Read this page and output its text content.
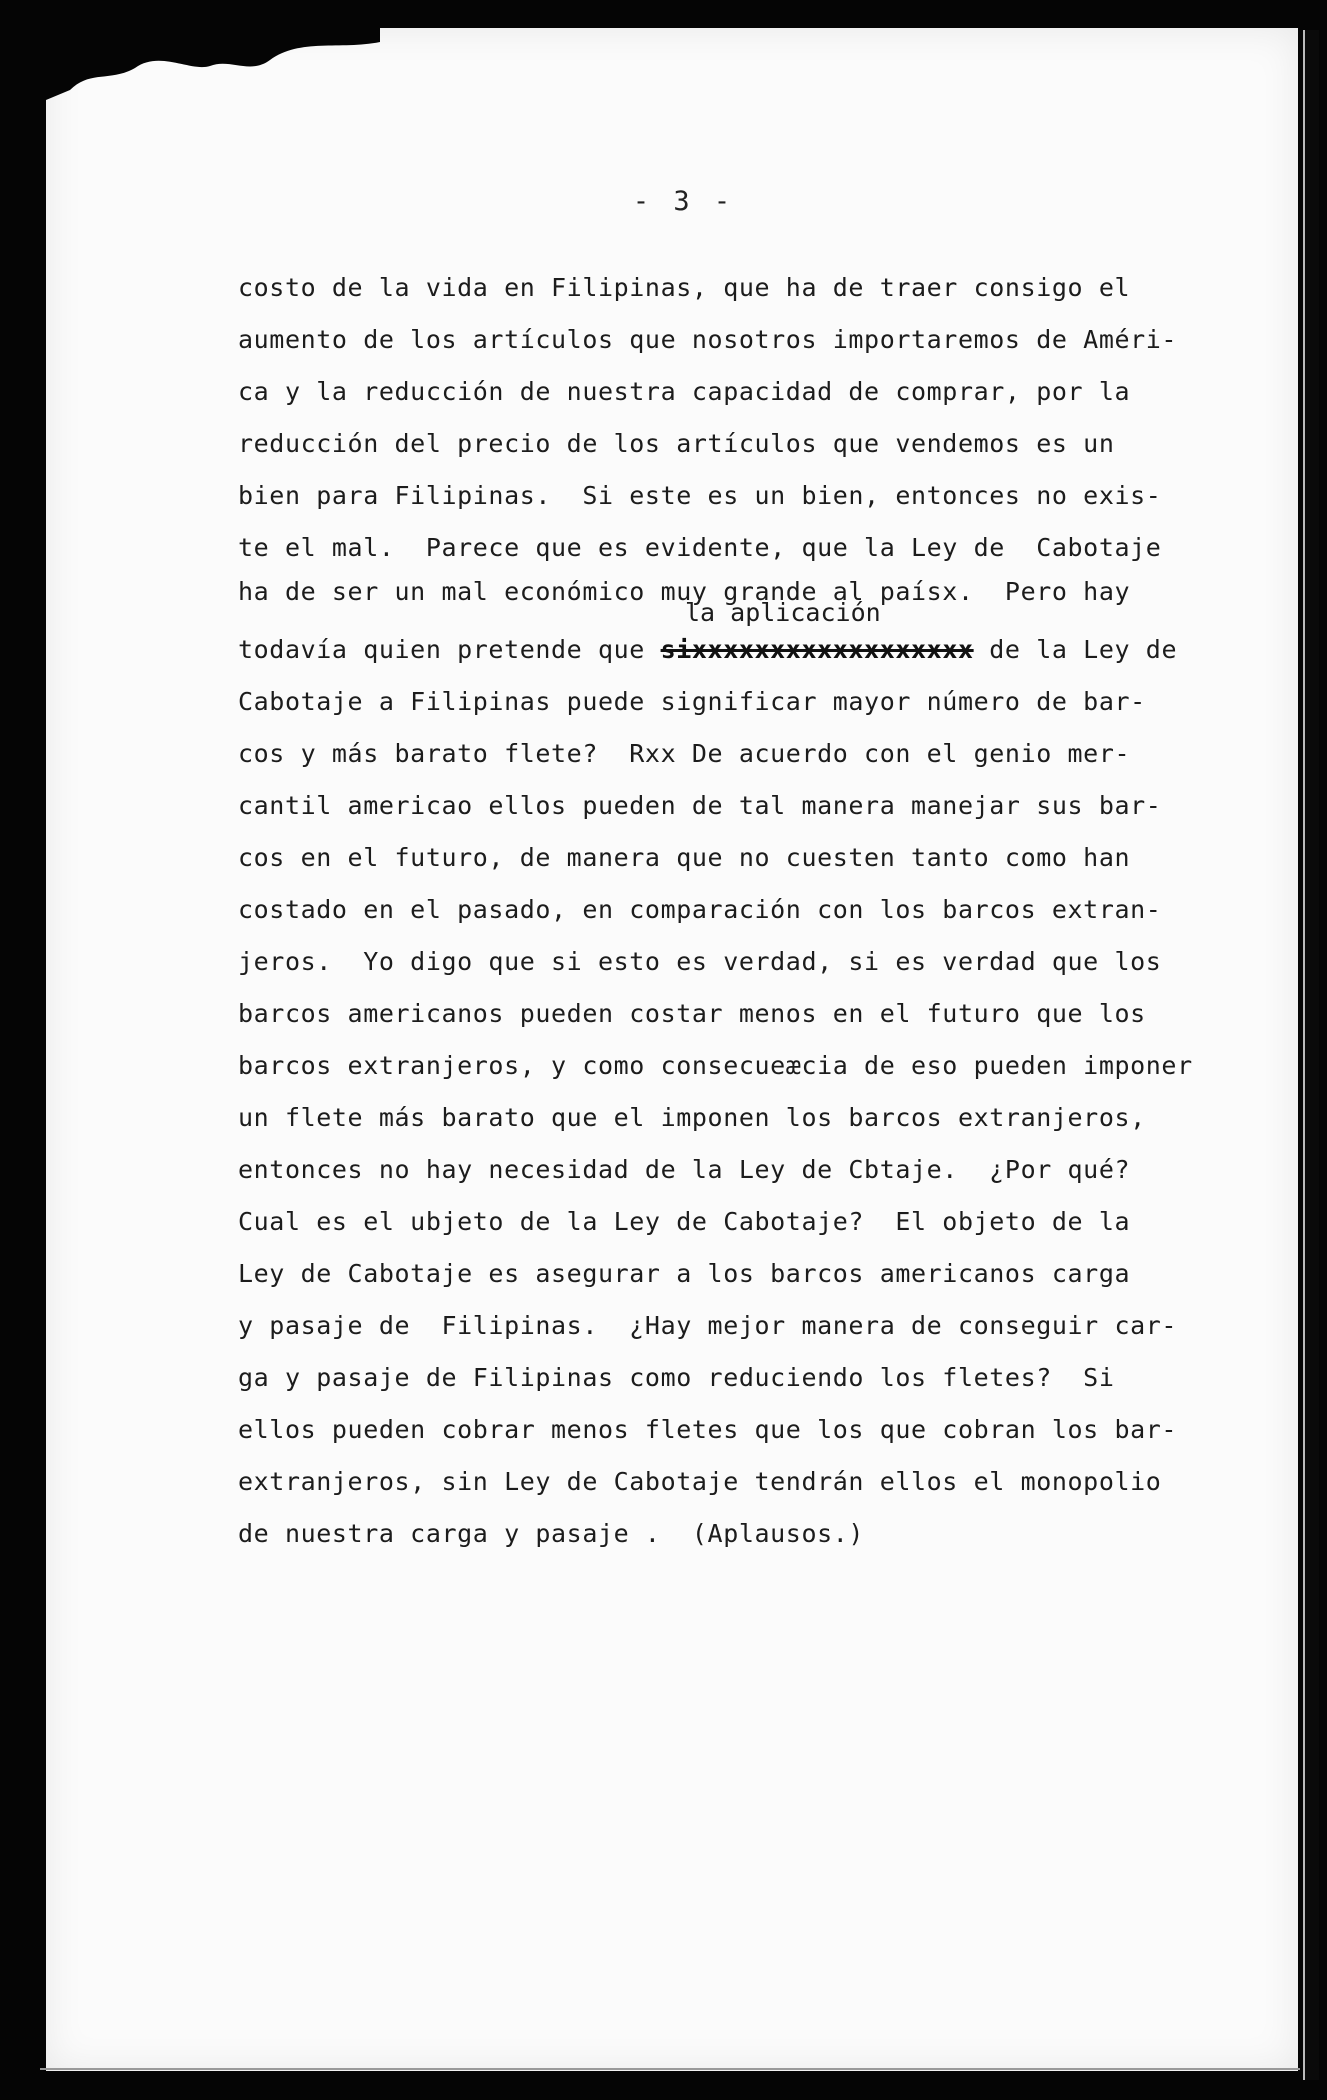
- 3 -
costo de la vida en Filipinas, que ha de traer consigo el
aumento de los artículos que nosotros importaremos de Améri-
ca y la reducción de nuestra capacidad de comprar, por la
reducción del precio de los artículos que vendemos es un
bien para Filipinas.  Si este es un bien, entonces no exis-
te el mal.  Parece que es evidente, que la Ley de  Cabotaje
ha de ser un mal económico muy grande al paísx.  Pero hay
la aplicación
todavía quien pretende que sixxxxxxxxxxxxxxxxxx de la Ley de
Cabotaje a Filipinas puede significar mayor número de bar-
cos y más barato flete?  Rxx De acuerdo con el genio mer-
cantil americao ellos pueden de tal manera manejar sus bar-
cos en el futuro, de manera que no cuesten tanto como han
costado en el pasado, en comparación con los barcos extran-
jeros.  Yo digo que si esto es verdad, si es verdad que los
barcos americanos pueden costar menos en el futuro que los
barcos extranjeros, y como consecueæcia de eso pueden imponer
un flete más barato que el imponen los barcos extranjeros,
entonces no hay necesidad de la Ley de Cbtaje.  ¿Por qué?
Cual es el ubjeto de la Ley de Cabotaje?  El objeto de la
Ley de Cabotaje es asegurar a los barcos americanos carga
y pasaje de  Filipinas.  ¿Hay mejor manera de conseguir car-
ga y pasaje de Filipinas como reduciendo los fletes?  Si
ellos pueden cobrar menos fletes que los que cobran los bar-
extranjeros, sin Ley de Cabotaje tendrán ellos el monopolio
de nuestra carga y pasaje .  (Aplausos.)
